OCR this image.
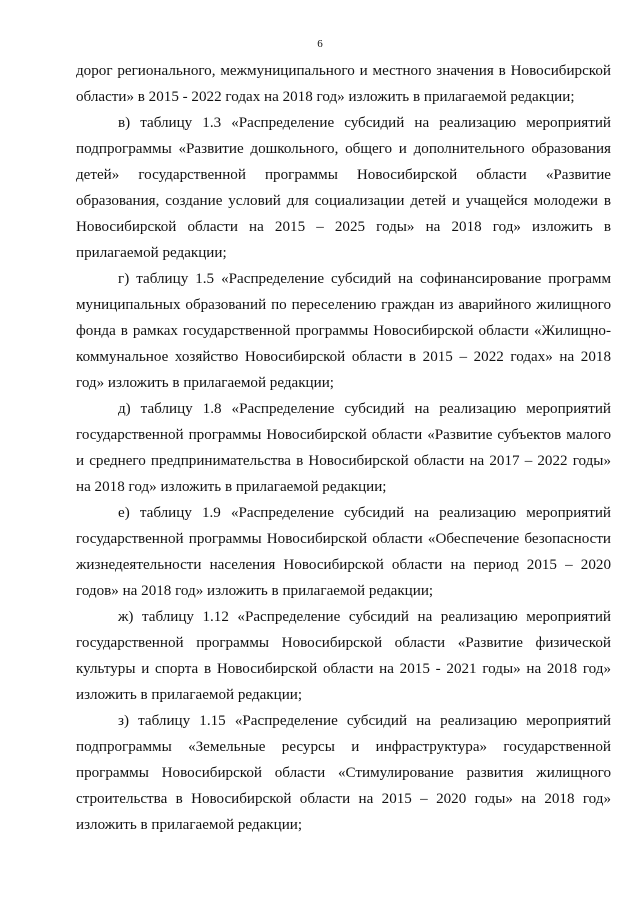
6

дорог регионального, межмуниципального и местного значения в Новосибирской области» в 2015 - 2022 годах на 2018 год» изложить в прилагаемой редакции;

в) таблицу 1.3 «Распределение субсидий на реализацию мероприятий подпрограммы «Развитие дошкольного, общего и дополнительного образования детей» государственной программы Новосибирской области «Развитие образования, создание условий для социализации детей и учащейся молодежи в Новосибирской области на 2015 – 2025 годы» на 2018 год» изложить в прилагаемой редакции;

г) таблицу 1.5 «Распределение субсидий на софинансирование программ муниципальных образований по переселению граждан из аварийного жилищного фонда в рамках государственной программы Новосибирской области «Жилищно-коммунальное хозяйство Новосибирской области в 2015 – 2022 годах» на 2018 год» изложить в прилагаемой редакции;

д) таблицу 1.8 «Распределение субсидий на реализацию мероприятий государственной программы Новосибирской области «Развитие субъектов малого и среднего предпринимательства в Новосибирской области на 2017 – 2022 годы» на 2018 год» изложить в прилагаемой редакции;

е) таблицу 1.9 «Распределение субсидий на реализацию мероприятий государственной программы Новосибирской области «Обеспечение безопасности жизнедеятельности населения Новосибирской области на период 2015 – 2020 годов» на 2018 год» изложить в прилагаемой редакции;

ж) таблицу 1.12 «Распределение субсидий на реализацию мероприятий государственной программы Новосибирской области «Развитие физической культуры и спорта в Новосибирской области на 2015 - 2021 годы» на 2018 год» изложить в прилагаемой редакции;

з) таблицу 1.15 «Распределение субсидий на реализацию мероприятий подпрограммы «Земельные ресурсы и инфраструктура» государственной программы Новосибирской области «Стимулирование развития жилищного строительства в Новосибирской области на 2015 – 2020 годы» на 2018 год» изложить в прилагаемой редакции;
